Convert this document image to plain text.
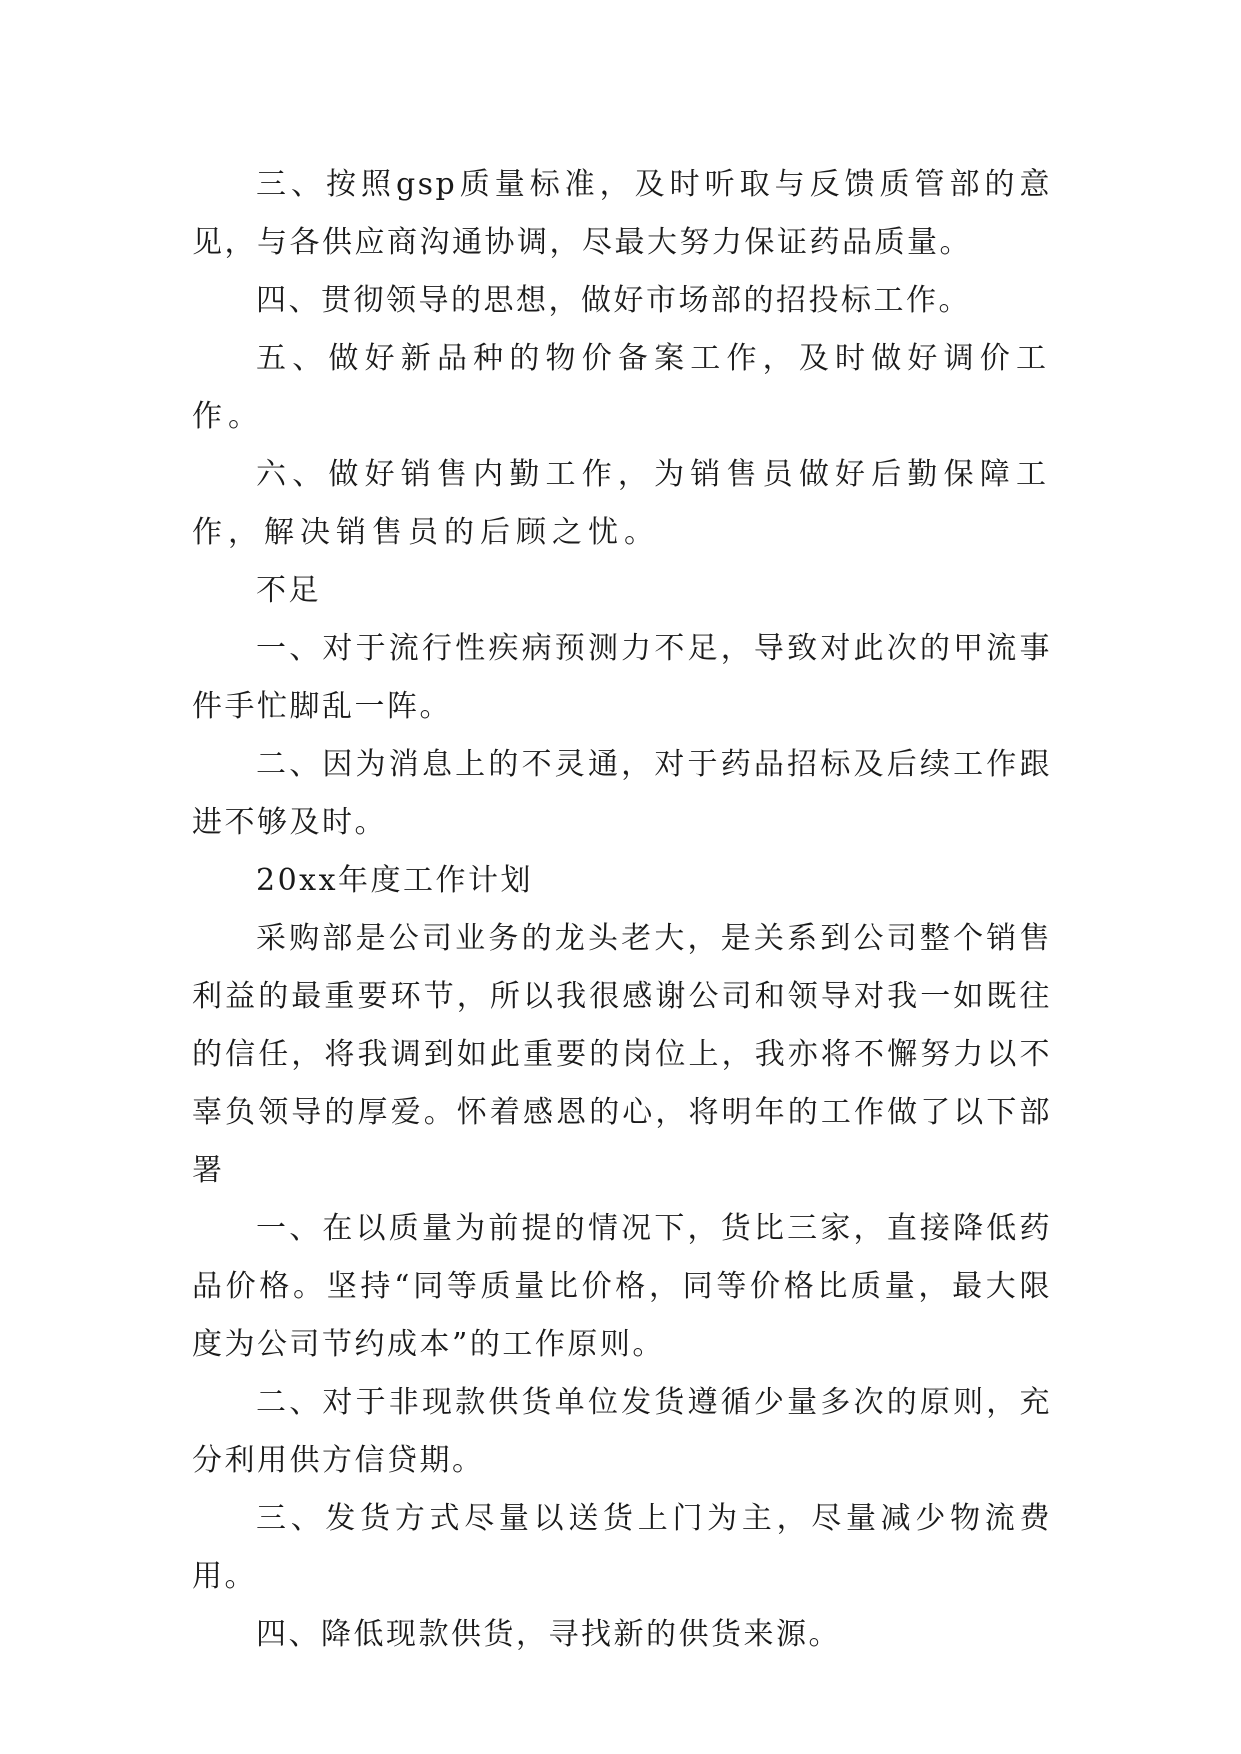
三、按照gsp质量标准，及时听取与反馈质管部的意见，与各供应商沟通协调，尽最大努力保证药品质量。

四、贯彻领导的思想，做好市场部的招投标工作。

五、做好新品种的物价备案工作，及时做好调价工作。

六、做好销售内勤工作，为销售员做好后勤保障工作，解决销售员的后顾之忧。

不足

一、对于流行性疾病预测力不足，导致对此次的甲流事件手忙脚乱一阵。

二、因为消息上的不灵通，对于药品招标及后续工作跟进不够及时。

20xx年度工作计划

采购部是公司业务的龙头老大，是关系到公司整个销售利益的最重要环节，所以我很感谢公司和领导对我一如既往的信任，将我调到如此重要的岗位上，我亦将不懈努力以不辜负领导的厚爱。怀着感恩的心，将明年的工作做了以下部署

一、在以质量为前提的情况下，货比三家，直接降低药品价格。坚持“同等质量比价格，同等价格比质量，最大限度为公司节约成本”的工作原则。

二、对于非现款供货单位发货遵循少量多次的原则，充分利用供方信贷期。

三、发货方式尽量以送货上门为主，尽量减少物流费用。

四、降低现款供货，寻找新的供货来源。
